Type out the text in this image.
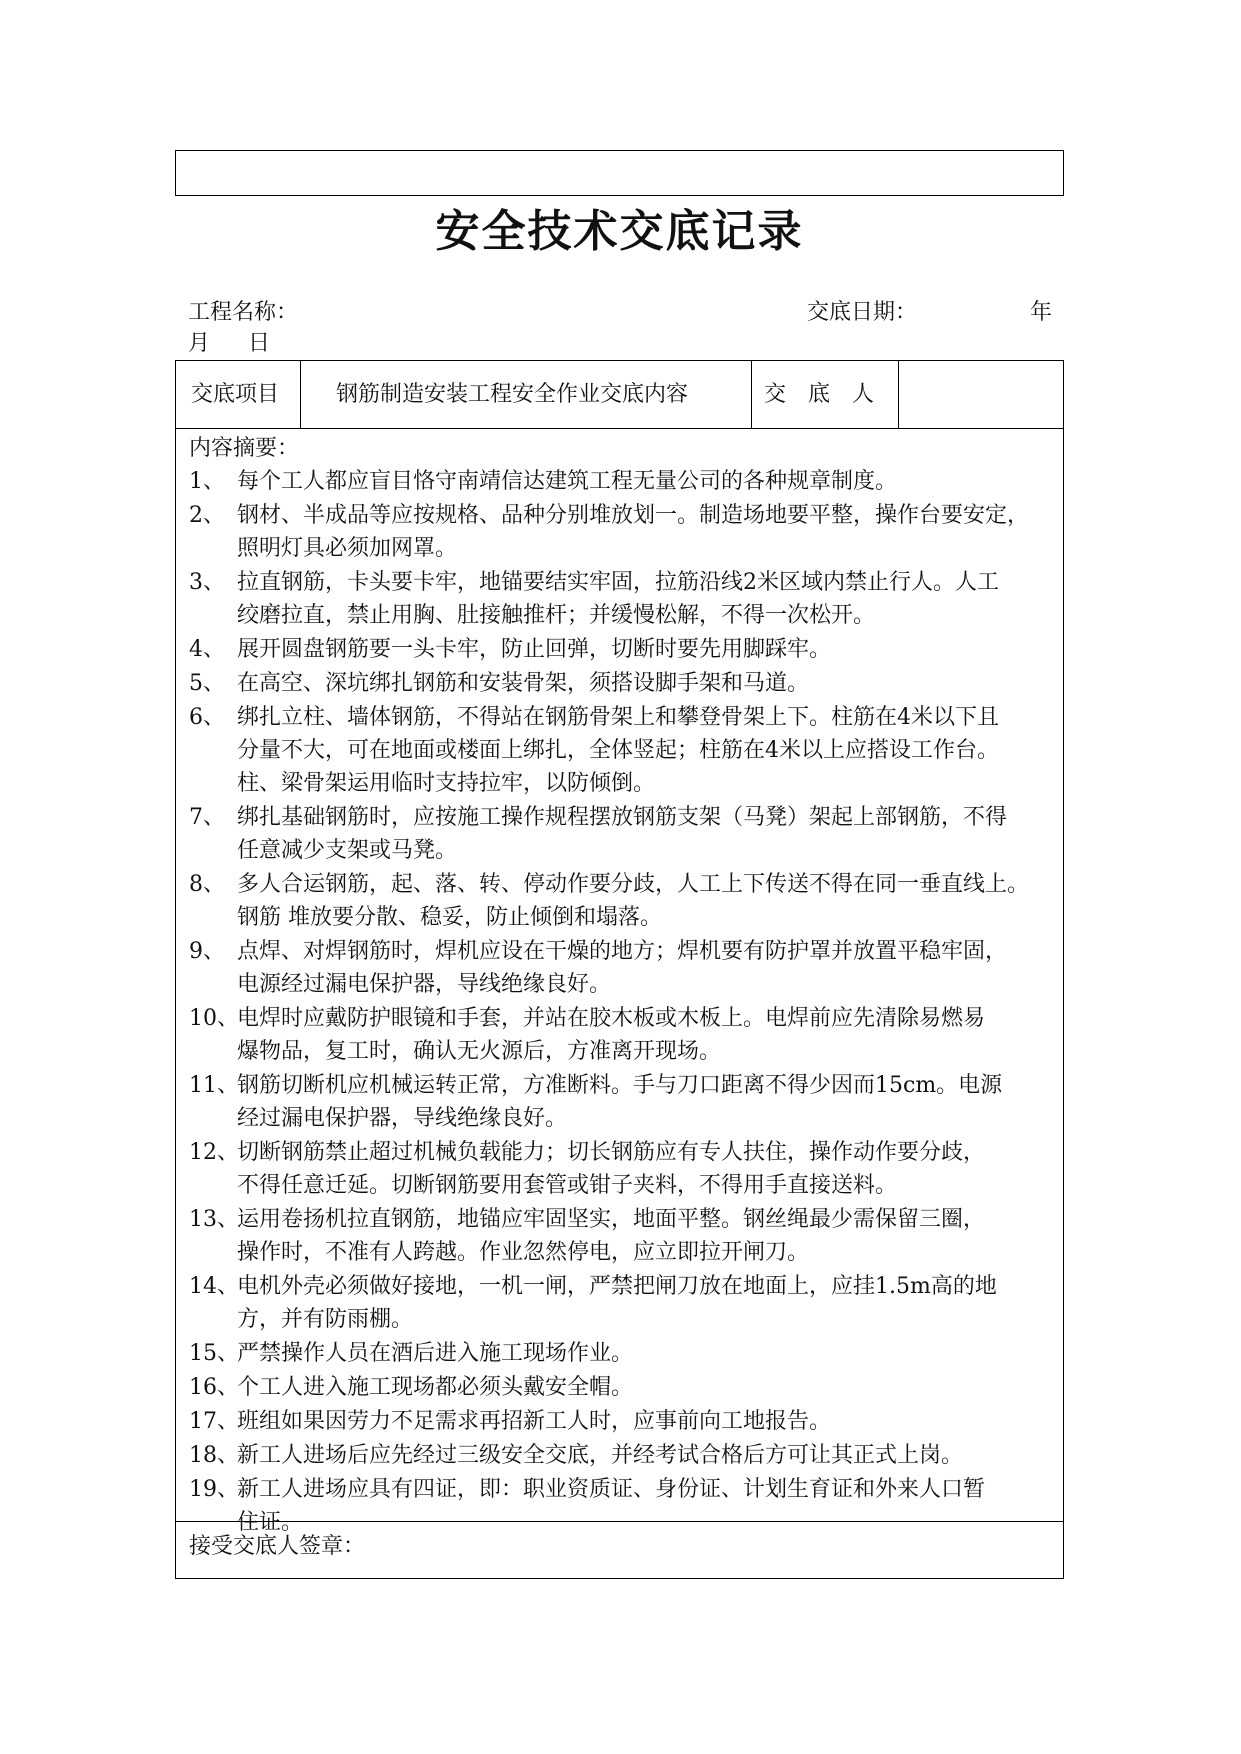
安全技术交底记录
工程名称：	交底日期：	年
月 日
交底项目	钢筋制造安装工程安全作业交底内容	交　底　人
内容摘要：
1、 每个工人都应盲目恪守南靖信达建筑工程无量公司的各种规章制度。
2、 钢材、半成品等应按规格、品种分别堆放划一。制造场地要平整，操作台要安定，
照明灯具必须加网罩。
3、 拉直钢筋，卡头要卡牢，地锚要结实牢固，拉筋沿线2米区域内禁止行人。人工
绞磨拉直，禁止用胸、肚接触推杆；并缓慢松解，不得一次松开。
4、 展开圆盘钢筋要一头卡牢，防止回弹，切断时要先用脚踩牢。
5、 在高空、深坑绑扎钢筋和安装骨架，须搭设脚手架和马道。
6、 绑扎立柱、墙体钢筋，不得站在钢筋骨架上和攀登骨架上下。柱筋在4米以下且
分量不大，可在地面或楼面上绑扎，全体竖起；柱筋在4米以上应搭设工作台。
柱、梁骨架运用临时支持拉牢，以防倾倒。
7、 绑扎基础钢筋时，应按施工操作规程摆放钢筋支架（马凳）架起上部钢筋，不得
任意减少支架或马凳。
8、 多人合运钢筋，起、落、转、停动作要分歧，人工上下传送不得在同一垂直线上。
钢筋 堆放要分散、稳妥，防止倾倒和塌落。
9、 点焊、对焊钢筋时，焊机应设在干燥的地方；焊机要有防护罩并放置平稳牢固，
电源经过漏电保护器，导线绝缘良好。
10、
电焊时应戴防护眼镜和手套，并站在胶木板或木板上。电焊前应先清除易燃易
爆物品，复工时，确认无火源后，方准离开现场。
11、
钢筋切断机应机械运转正常，方准断料。手与刀口距离不得少因而15cm。电源
经过漏电保护器，导线绝缘良好。
12、
切断钢筋禁止超过机械负载能力；切长钢筋应有专人扶住，操作动作要分歧，
不得任意迁延。切断钢筋要用套管或钳子夹料，不得用手直接送料。
13、
运用卷扬机拉直钢筋，地锚应牢固坚实，地面平整。钢丝绳最少需保留三圈，
操作时，不准有人跨越。作业忽然停电，应立即拉开闸刀。
14、
电机外壳必须做好接地，一机一闸，严禁把闸刀放在地面上，应挂1.5m高的地
方，并有防雨棚。
15、
严禁操作人员在酒后进入施工现场作业。
16、
个工人进入施工现场都必须头戴安全帽。
17、
班组如果因劳力不足需求再招新工人时，应事前向工地报告。
18、
新工人进场后应先经过三级安全交底，并经考试合格后方可让其正式上岗。
19、
新工人进场应具有四证，即：职业资质证、身份证、计划生育证和外来人口暂
住证。
接受交底人签章：
